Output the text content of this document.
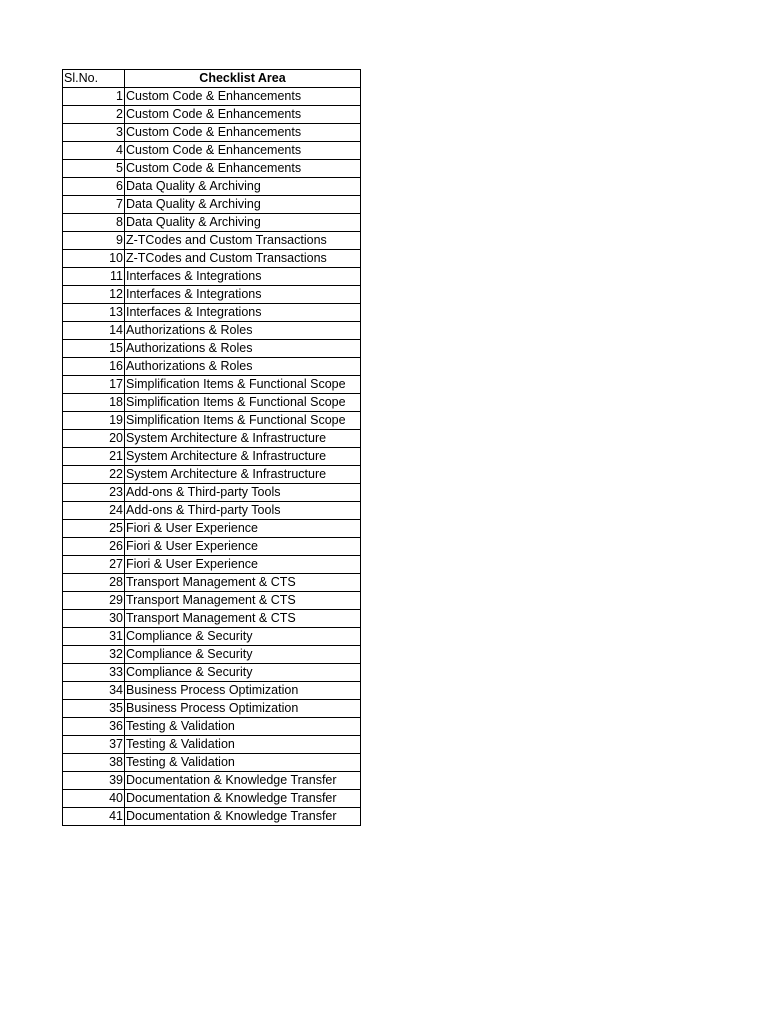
Sl.No.	Checklist Area
1	Custom Code & Enhancements
2	Custom Code & Enhancements
3	Custom Code & Enhancements
4	Custom Code & Enhancements
5	Custom Code & Enhancements
6	Data Quality & Archiving
7	Data Quality & Archiving
8	Data Quality & Archiving
9	Z-TCodes and Custom Transactions
10	Z-TCodes and Custom Transactions
11	Interfaces & Integrations
12	Interfaces & Integrations
13	Interfaces & Integrations
14	Authorizations & Roles
15	Authorizations & Roles
16	Authorizations & Roles
17	Simplification Items & Functional Scope
18	Simplification Items & Functional Scope
19	Simplification Items & Functional Scope
20	System Architecture & Infrastructure
21	System Architecture & Infrastructure
22	System Architecture & Infrastructure
23	Add-ons & Third-party Tools
24	Add-ons & Third-party Tools
25	Fiori & User Experience
26	Fiori & User Experience
27	Fiori & User Experience
28	Transport Management & CTS
29	Transport Management & CTS
30	Transport Management & CTS
31	Compliance & Security
32	Compliance & Security
33	Compliance & Security
34	Business Process Optimization
35	Business Process Optimization
36	Testing & Validation
37	Testing & Validation
38	Testing & Validation
39	Documentation & Knowledge Transfer
40	Documentation & Knowledge Transfer
41	Documentation & Knowledge Transfer
